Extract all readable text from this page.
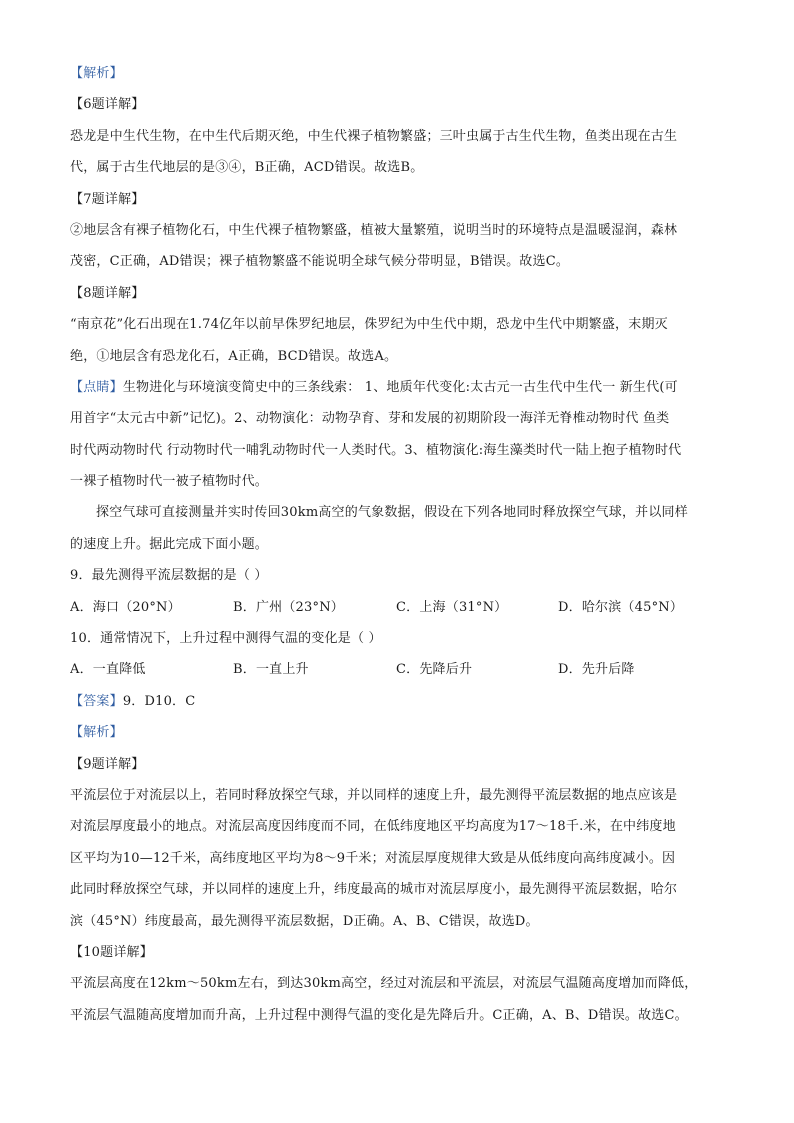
【解析】
【6题详解】
恐龙是中生代生物，在中生代后期灭绝，中生代裸子植物繁盛；三叶虫属于古生代生物，鱼类出现在古生
代，属于古生代地层的是③④，B正确，ACD错误。故选B。
【7题详解】
②地层含有裸子植物化石，中生代裸子植物繁盛，植被大量繁殖，说明当时的环境特点是温暖湿润，森林
茂密，C正确，AD错误；裸子植物繁盛不能说明全球气候分带明显，B错误。故选C。
【8题详解】
“南京花”化石出现在1.74亿年以前早侏罗纪地层，侏罗纪为中生代中期，恐龙中生代中期繁盛，末期灭
绝，①地层含有恐龙化石，A正确，BCD错误。故选A。
【点睛】生物进化与环境演变简史中的三条线索： 1、地质年代变化:太古元一古生代中生代一 新生代(可
用首字“太元古中新”记忆)。2、动物演化：动物孕育、芽和发展的初期阶段一海洋无脊椎动物时代 鱼类
时代两动物时代 行动物时代一哺乳动物时代一人类时代。3、植物演化:海生藻类时代一陆上抱子植物时代
一裸子植物时代一被子植物时代。
探空气球可直接测量并实时传回30km高空的气象数据，假设在下列各地同时释放探空气球，并以同样
的速度上升。据此完成下面小题。
9．最先测得平流层数据的是（ ）
A．海口（20°N）	B．广州（23°N）	C．上海（31°N）	D．哈尔滨（45°N）
10．通常情况下，上升过程中测得气温的变化是（ ）
A．一直降低	B．一直上升	C．先降后升	D．先升后降
【答案】9．D10．C
【解析】
【9题详解】
平流层位于对流层以上，若同时释放探空气球，并以同样的速度上升，最先测得平流层数据的地点应该是
对流层厚度最小的地点。对流层高度因纬度而不同，在低纬度地区平均高度为17～18千.米，在中纬度地
区平均为10—12千米，高纬度地区平均为8～9千米；对流层厚度规律大致是从低纬度向高纬度减小。因
此同时释放探空气球，并以同样的速度上升，纬度最高的城市对流层厚度小，最先测得平流层数据，哈尔
滨（45°N）纬度最高，最先测得平流层数据，D正确。A、B、C错误，故选D。
【10题详解】
平流层高度在12km～50km左右，到达30km高空，经过对流层和平流层，对流层气温随高度增加而降低，
平流层气温随高度增加而升高，上升过程中测得气温的变化是先降后升。C正确，A、B、D错误。故选C。
